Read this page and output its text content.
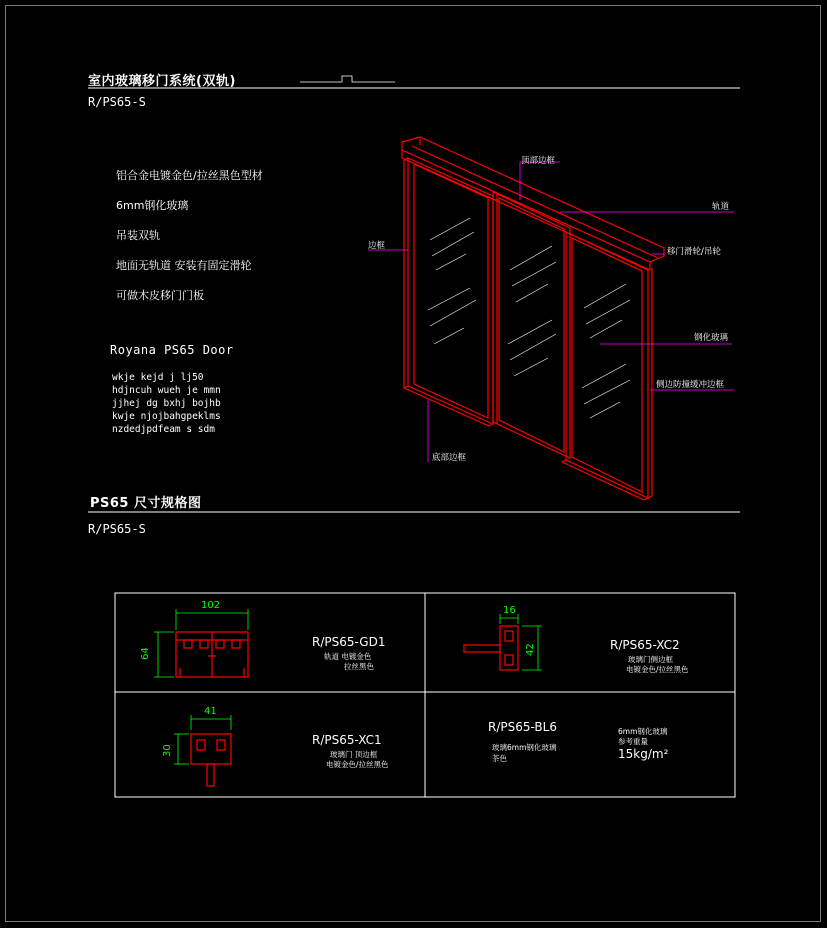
室内玻璃移门系统(双轨)
R/PS65-S
铝合金电镀金色/拉丝黑色型材
6mm钢化玻璃
吊装双轨
地面无轨道 安装有固定滑轮
可做木皮移门门板
Royana PS65 Door
wkje kejd j lj50
hdjncuh wueh je mmn
jjhej dg bxhj bojhb
kwje njojbahgpeklms
nzdedjpdfeam s sdm
顶部边框
轨道
移门滑轮/吊轮
边框
钢化玻璃
侧边防撞缓冲边框
底部边框
PS65 尺寸规格图
R/PS65-S
102
64
16
42
41
30
R/PS65-GD1
轨道 电镀金色
拉丝黑色
R/PS65-XC2
玻璃门侧边框
电镀金色/拉丝黑色
R/PS65-XC1
玻璃门 顶边框
电镀金色/拉丝黑色
R/PS65-BL6
玻璃6mm钢化玻璃
茶色
6mm钢化玻璃
参考重量
15kg/m²
